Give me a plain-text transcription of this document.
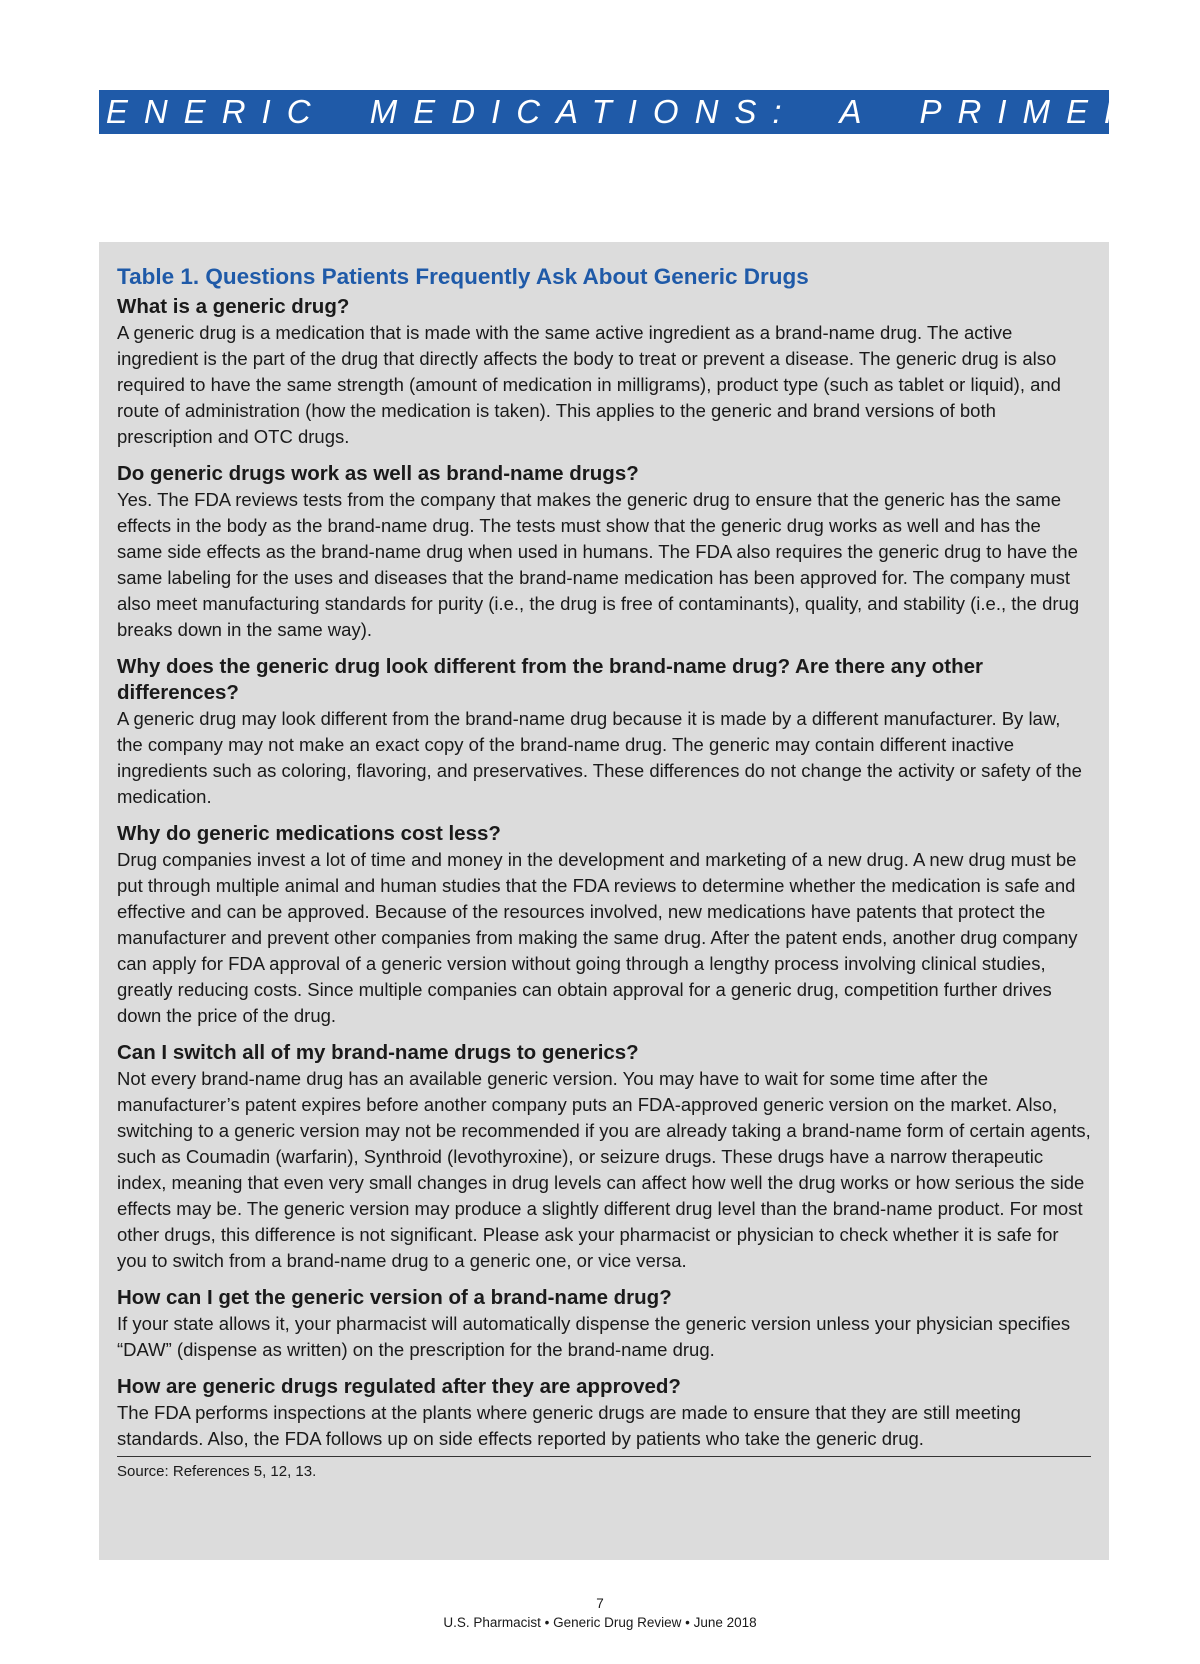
GENERIC MEDICATIONS: A PRIMER
Table 1. Questions Patients Frequently Ask About Generic Drugs

What is a generic drug?

A generic drug is a medication that is made with the same active ingredient as a brand-name drug. The active ingredient is the part of the drug that directly affects the body to treat or prevent a disease. The generic drug is also required to have the same strength (amount of medication in milligrams), product type (such as tablet or liquid), and route of administration (how the medication is taken). This applies to the generic and brand versions of both prescription and OTC drugs.

Do generic drugs work as well as brand-name drugs?

Yes. The FDA reviews tests from the company that makes the generic drug to ensure that the generic has the same effects in the body as the brand-name drug. The tests must show that the generic drug works as well and has the same side effects as the brand-name drug when used in humans. The FDA also requires the generic drug to have the same labeling for the uses and diseases that the brand-name medication has been approved for. The company must also meet manufacturing standards for purity (i.e., the drug is free of contaminants), quality, and stability (i.e., the drug breaks down in the same way).

Why does the generic drug look different from the brand-name drug? Are there any other differences?

A generic drug may look different from the brand-name drug because it is made by a different manufacturer. By law, the company may not make an exact copy of the brand-name drug. The generic may contain different inactive ingredients such as coloring, flavoring, and preservatives. These differences do not change the activity or safety of the medication.

Why do generic medications cost less?

Drug companies invest a lot of time and money in the development and marketing of a new drug. A new drug must be put through multiple animal and human studies that the FDA reviews to determine whether the medication is safe and effective and can be approved. Because of the resources involved, new medications have patents that protect the manufacturer and prevent other companies from making the same drug. After the patent ends, another drug company can apply for FDA approval of a generic version without going through a lengthy process involving clinical studies, greatly reducing costs. Since multiple companies can obtain approval for a generic drug, competition further drives down the price of the drug.

Can I switch all of my brand-name drugs to generics?

Not every brand-name drug has an available generic version. You may have to wait for some time after the manufacturer’s patent expires before another company puts an FDA-approved generic version on the market. Also, switching to a generic version may not be recommended if you are already taking a brand-name form of certain agents, such as Coumadin (warfarin), Synthroid (levothyroxine), or seizure drugs. These drugs have a narrow therapeutic index, meaning that even very small changes in drug levels can affect how well the drug works or how serious the side effects may be. The generic version may produce a slightly different drug level than the brand-name product. For most other drugs, this difference is not significant. Please ask your pharmacist or physician to check whether it is safe for you to switch from a brand-name drug to a generic one, or vice versa.

How can I get the generic version of a brand-name drug?

If your state allows it, your pharmacist will automatically dispense the generic version unless your physician specifies “DAW” (dispense as written) on the prescription for the brand-name drug.

How are generic drugs regulated after they are approved?

The FDA performs inspections at the plants where generic drugs are made to ensure that they are still meeting standards. Also, the FDA follows up on side effects reported by patients who take the generic drug.

Source: References 5, 12, 13.
7
U.S. Pharmacist • Generic Drug Review • June 2018
